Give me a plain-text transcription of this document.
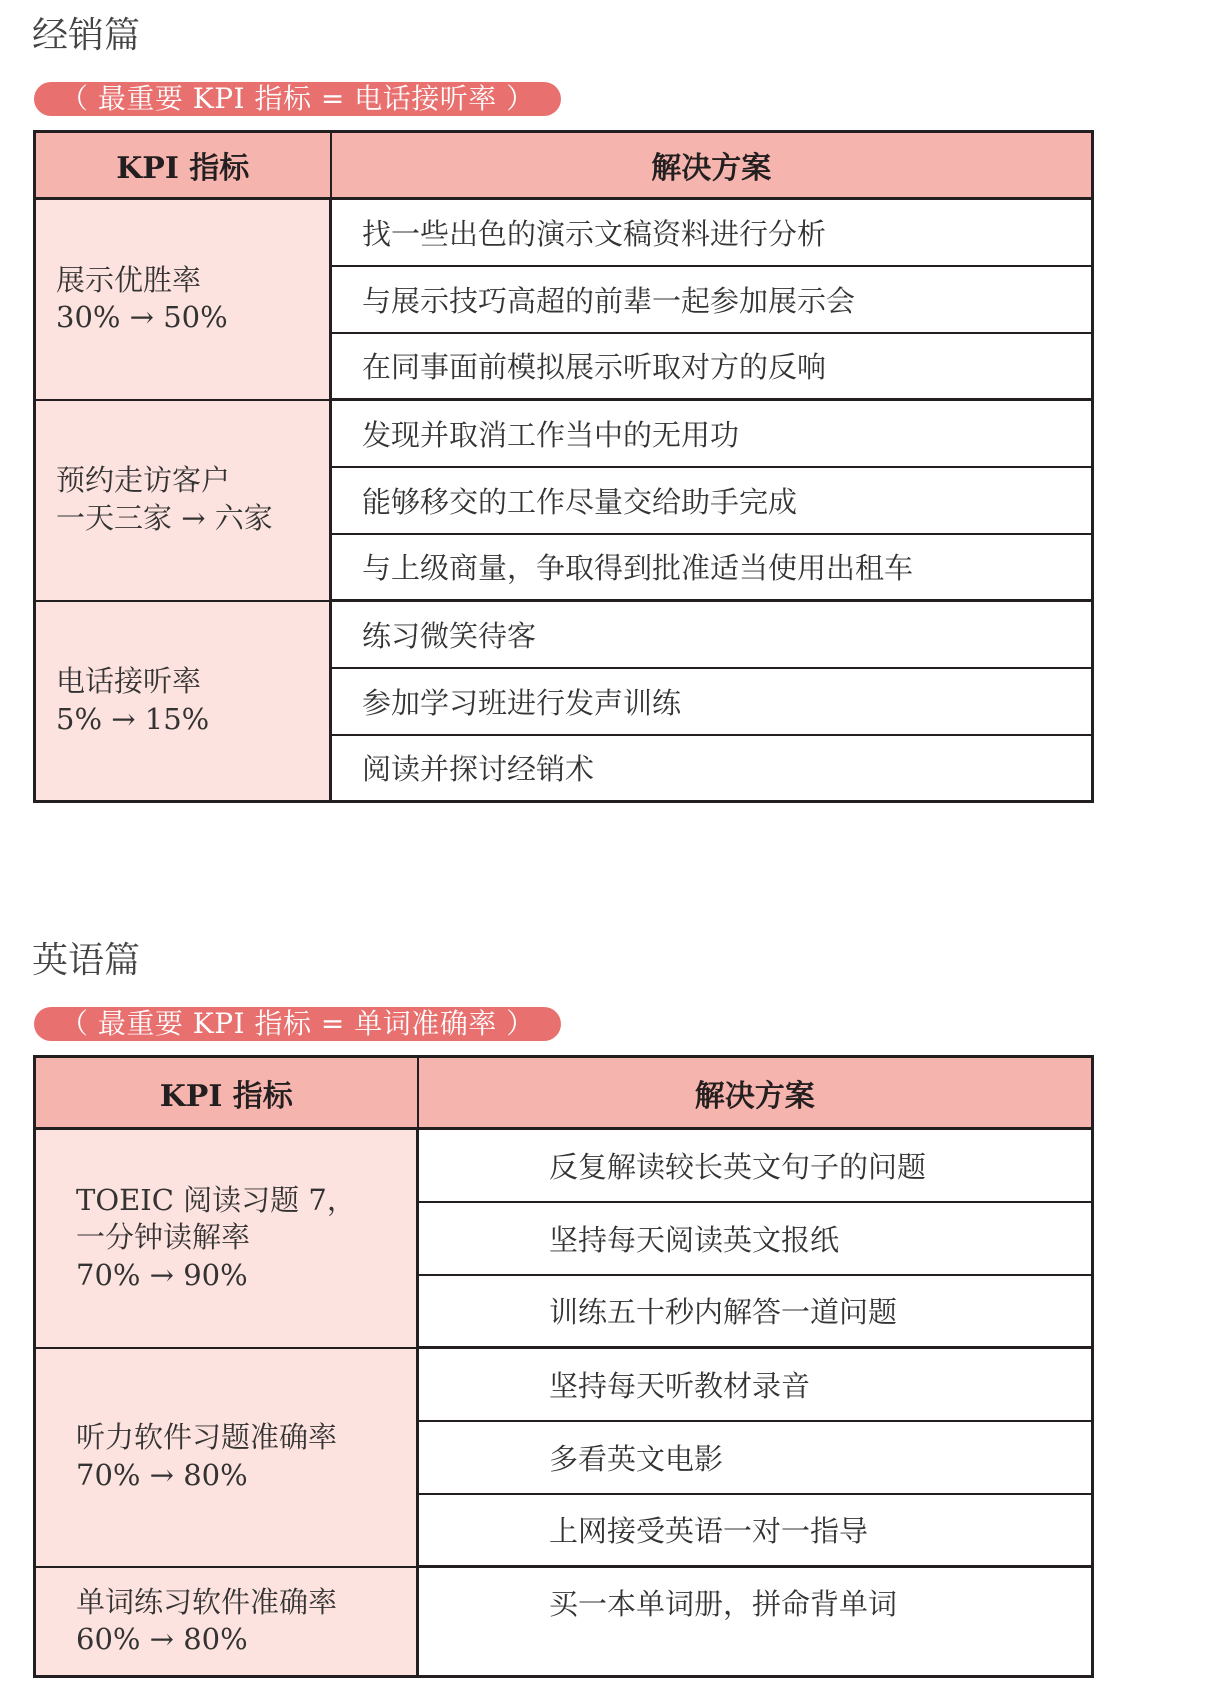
经销篇
（ 最重要 KPI 指标 = 电话接听率 ）
KPI 指标	解决方案

展示优胜率
30% → 50%	找一些出色的演示文稿资料进行分析
	与展示技巧高超的前辈一起参加展示会
	在同事面前模拟展示听取对方的反响

预约走访客户
一天三家 → 六家	发现并取消工作当中的无用功
	能够移交的工作尽量交给助手完成
	与上级商量，争取得到批准适当使用出租车

电话接听率
5% → 15%	练习微笑待客
	参加学习班进行发声训练
	阅读并探讨经销术
英语篇
（ 最重要 KPI 指标 = 单词准确率 ）
KPI 指标	解决方案

TOEIC 阅读习题 7，
一分钟读解率
70% → 90%	反复解读较长英文句子的问题
	坚持每天阅读英文报纸
	训练五十秒内解答一道问题

听力软件习题准确率
70% → 80%	坚持每天听教材录音
	多看英文电影
	上网接受英语一对一指导

单词练习软件准确率
60% → 80%	买一本单词册，拼命背单词
